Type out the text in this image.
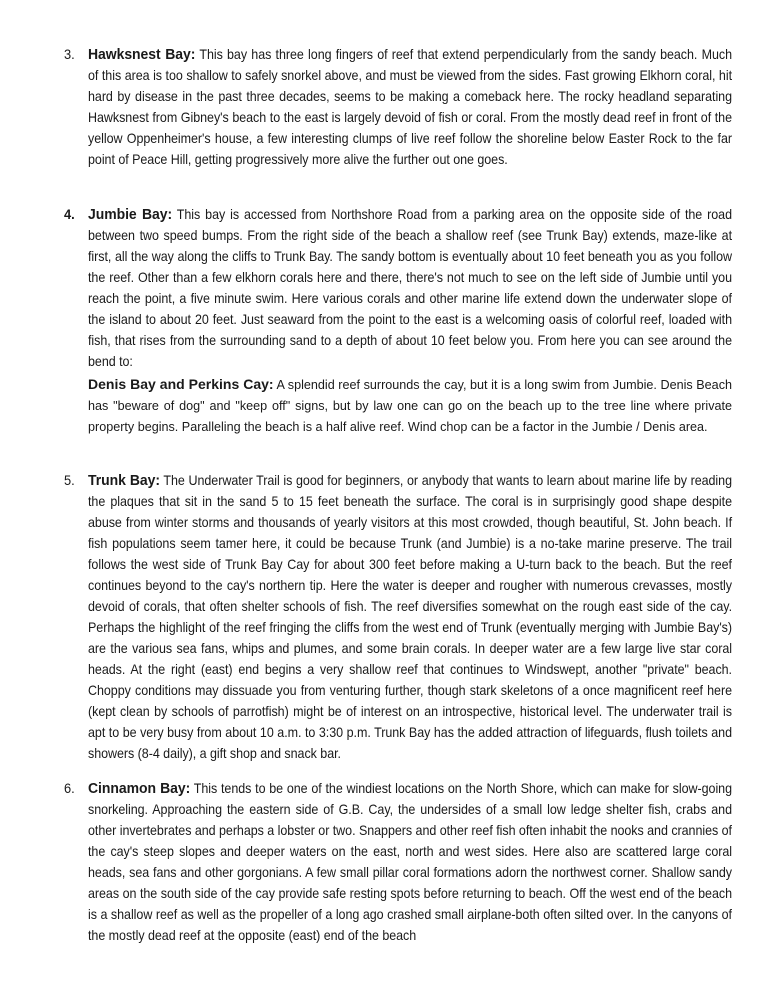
3. Hawksnest Bay: This bay has three long fingers of reef that extend perpendicularly from the sandy beach. Much of this area is too shallow to safely snorkel above, and must be viewed from the sides. Fast growing Elkhorn coral, hit hard by disease in the past three decades, seems to be making a comeback here. The rocky headland separating Hawksnest from Gibney's beach to the east is largely devoid of fish or coral. From the mostly dead reef in front of the yellow Oppenheimer's house, a few interesting clumps of live reef follow the shoreline below Easter Rock to the far point of Peace Hill, getting progressively more alive the further out one goes.
4. Jumbie Bay: This bay is accessed from Northshore Road from a parking area on the opposite side of the road between two speed bumps. From the right side of the beach a shallow reef (see Trunk Bay) extends, maze-like at first, all the way along the cliffs to Trunk Bay. The sandy bottom is eventually about 10 feet beneath you as you follow the reef. Other than a few elkhorn corals here and there, there's not much to see on the left side of Jumbie until you reach the point, a five minute swim. Here various corals and other marine life extend down the underwater slope of the island to about 20 feet. Just seaward from the point to the east is a welcoming oasis of colorful reef, loaded with fish, that rises from the surrounding sand to a depth of about 10 feet below you. From here you can see around the bend to:
Denis Bay and Perkins Cay: A splendid reef surrounds the cay, but it is a long swim from Jumbie. Denis Beach has "beware of dog" and "keep off" signs, but by law one can go on the beach up to the tree line where private property begins. Paralleling the beach is a half alive reef. Wind chop can be a factor in the Jumbie / Denis area.
5. Trunk Bay: The Underwater Trail is good for beginners, or anybody that wants to learn about marine life by reading the plaques that sit in the sand 5 to 15 feet beneath the surface. The coral is in surprisingly good shape despite abuse from winter storms and thousands of yearly visitors at this most crowded, though beautiful, St. John beach. If fish populations seem tamer here, it could be because Trunk (and Jumbie) is a no-take marine preserve. The trail follows the west side of Trunk Bay Cay for about 300 feet before making a U-turn back to the beach. But the reef continues beyond to the cay's northern tip. Here the water is deeper and rougher with numerous crevasses, mostly devoid of corals, that often shelter schools of fish. The reef diversifies somewhat on the rough east side of the cay. Perhaps the highlight of the reef fringing the cliffs from the west end of Trunk (eventually merging with Jumbie Bay's) are the various sea fans, whips and plumes, and some brain corals. In deeper water are a few large live star coral heads. At the right (east) end begins a very shallow reef that continues to Windswept, another "private" beach. Choppy conditions may dissuade you from venturing further, though stark skeletons of a once magnificent reef here (kept clean by schools of parrotfish) might be of interest on an introspective, historical level. The underwater trail is apt to be very busy from about 10 a.m. to 3:30 p.m. Trunk Bay has the added attraction of lifeguards, flush toilets and showers (8-4 daily), a gift shop and snack bar.
6. Cinnamon Bay: This tends to be one of the windiest locations on the North Shore, which can make for slow-going snorkeling. Approaching the eastern side of G.B. Cay, the undersides of a small low ledge shelter fish, crabs and other invertebrates and perhaps a lobster or two. Snappers and other reef fish often inhabit the nooks and crannies of the cay's steep slopes and deeper waters on the east, north and west sides. Here also are scattered large coral heads, sea fans and other gorgonians. A few small pillar coral formations adorn the northwest corner. Shallow sandy areas on the south side of the cay provide safe resting spots before returning to beach. Off the west end of the beach is a shallow reef as well as the propeller of a long ago crashed small airplane-both often silted over. In the canyons of the mostly dead reef at the opposite (east) end of the beach
